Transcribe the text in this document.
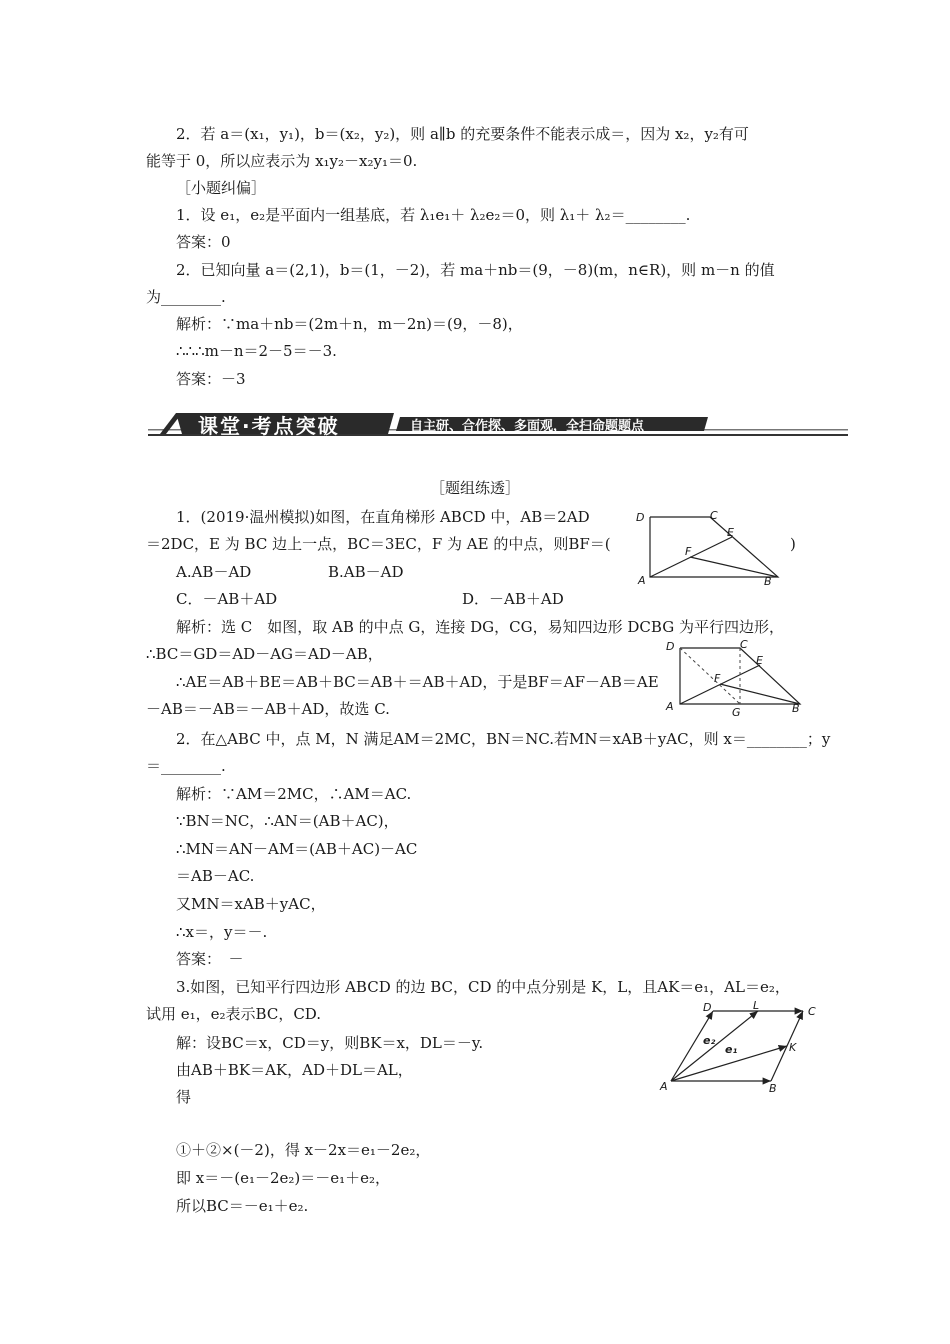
2．若 a＝(x₁，y₁)，b＝(x₂，y₂)，则 a∥b 的充要条件不能表示成＝，因为 x₂，y₂有可
能等于 0，所以应表示为 x₁y₂－x₂y₁＝0.
［小题纠偏］
1．设 e₁，e₂是平面内一组基底，若 λ₁e₁＋ λ₂e₂＝0，则 λ₁＋ λ₂＝________.
答案：0
2．已知向量 a＝(2,1)，b＝(1，－2)，若 ma＋nb＝(9，－8)(m，n∈R)，则 m－n 的值
为________.
解析：∵ma＋nb＝(2m＋n，m－2n)＝(9，－8)，
∴∴∴m－n＝2－5＝－3.
答案：－3
课堂·考点突破	自主研、合作探、多面观，全扫命题题点
［题组练透］
1．(2019·温州模拟)如图，在直角梯形 ABCD 中，AB＝2AD
＝2DC，E 为 BC 边上一点，BC＝3EC，F 为 AE 的中点，则BF＝(	)
A.AB－AD	B.AB－AD
C．－AB＋AD	D．－AB＋AD
解析：选 C　如图，取 AB 的中点 G，连接 DG，CG，易知四边形 DCBG 为平行四边形，
∴BC＝GD＝AD－AG＝AD－AB，
∴AE＝AB＋BE＝AB＋BC＝AB＋＝AB＋AD，于是BF＝AF－AB＝AE
－AB＝－AB＝－AB＋AD，故选 C.
2．在△ABC 中，点 M，N 满足AM＝2MC，BN＝NC.若MN＝xAB＋yAC，则 x＝________；y
＝________.
解析：∵AM＝2MC，∴AM＝AC.
∵BN＝NC，∴AN＝(AB＋AC)，
∴MN＝AN－AM＝(AB＋AC)－AC
＝AB－AC.
又MN＝xAB＋yAC，
∴x＝，y＝－.
答案：　－
3.如图，已知平行四边形 ABCD 的边 BC，CD 的中点分别是 K，L，且AK＝e₁，AL＝e₂，
试用 e₁，e₂表示BC，CD.
解：设BC＝x，CD＝y，则BK＝x，DL＝－y.
由AB＋BK＝AK，AD＋DL＝AL，
得
①＋②×(－2)，得 x－2x＝e₁－2e₂，
即 x＝－(e₁－2e₂)＝－e₁＋e₂，
所以BC＝－e₁＋e₂.
D	C
E
F
A	B
D	C
E
F
A	G	B
D	L	C
e₂
e₁	K
A	B
